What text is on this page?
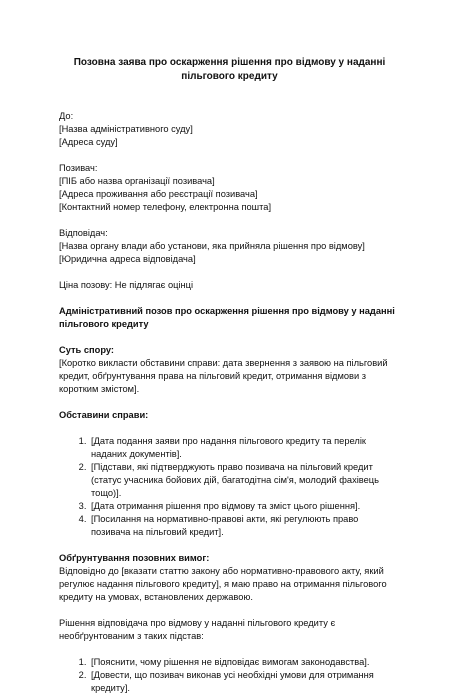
Позовна заява про оскарження рішення про відмову у наданні пільгового кредиту
До:
[Назва адміністративного суду]
[Адреса суду]
Позивач:
[ПІБ або назва організації позивача]
[Адреса проживання або реєстрації позивача]
[Контактний номер телефону, електронна пошта]
Відповідач:
[Назва органу влади або установи, яка прийняла рішення про відмову]
[Юридична адреса відповідача]
Ціна позову: Не підлягає оцінці
Адміністративний позов про оскарження рішення про відмову у наданні пільгового кредиту
Суть спору:

[Коротко викласти обставини справи: дата звернення з заявою на пільговий кредит, обґрунтування права на пільговий кредит, отримання відмови з коротким змістом].

Обставини справи:
1. [Дата подання заяви про надання пільгового кредиту та перелік наданих документів].
2. [Підстави, які підтверджують право позивача на пільговий кредит (статус учасника бойових дій, багатодітна сім'я, молодий фахівець тощо)].
3. [Дата отримання рішення про відмову та зміст цього рішення].
4. [Посилання на нормативно-правові акти, які регулюють право позивача на пільговий кредит].
Обґрунтування позовних вимог:

Відповідно до [вказати статтю закону або нормативно-правового акту, який регулює надання пільгового кредиту], я маю право на отримання пільгового кредиту на умовах, встановлених державою.

Рішення відповідача про відмову у наданні пільгового кредиту є необґрунтованим з таких підстав:

1. [Пояснити, чому рішення не відповідає вимогам законодавства].
2. [Довести, що позивач виконав усі необхідні умови для отримання кредиту].
